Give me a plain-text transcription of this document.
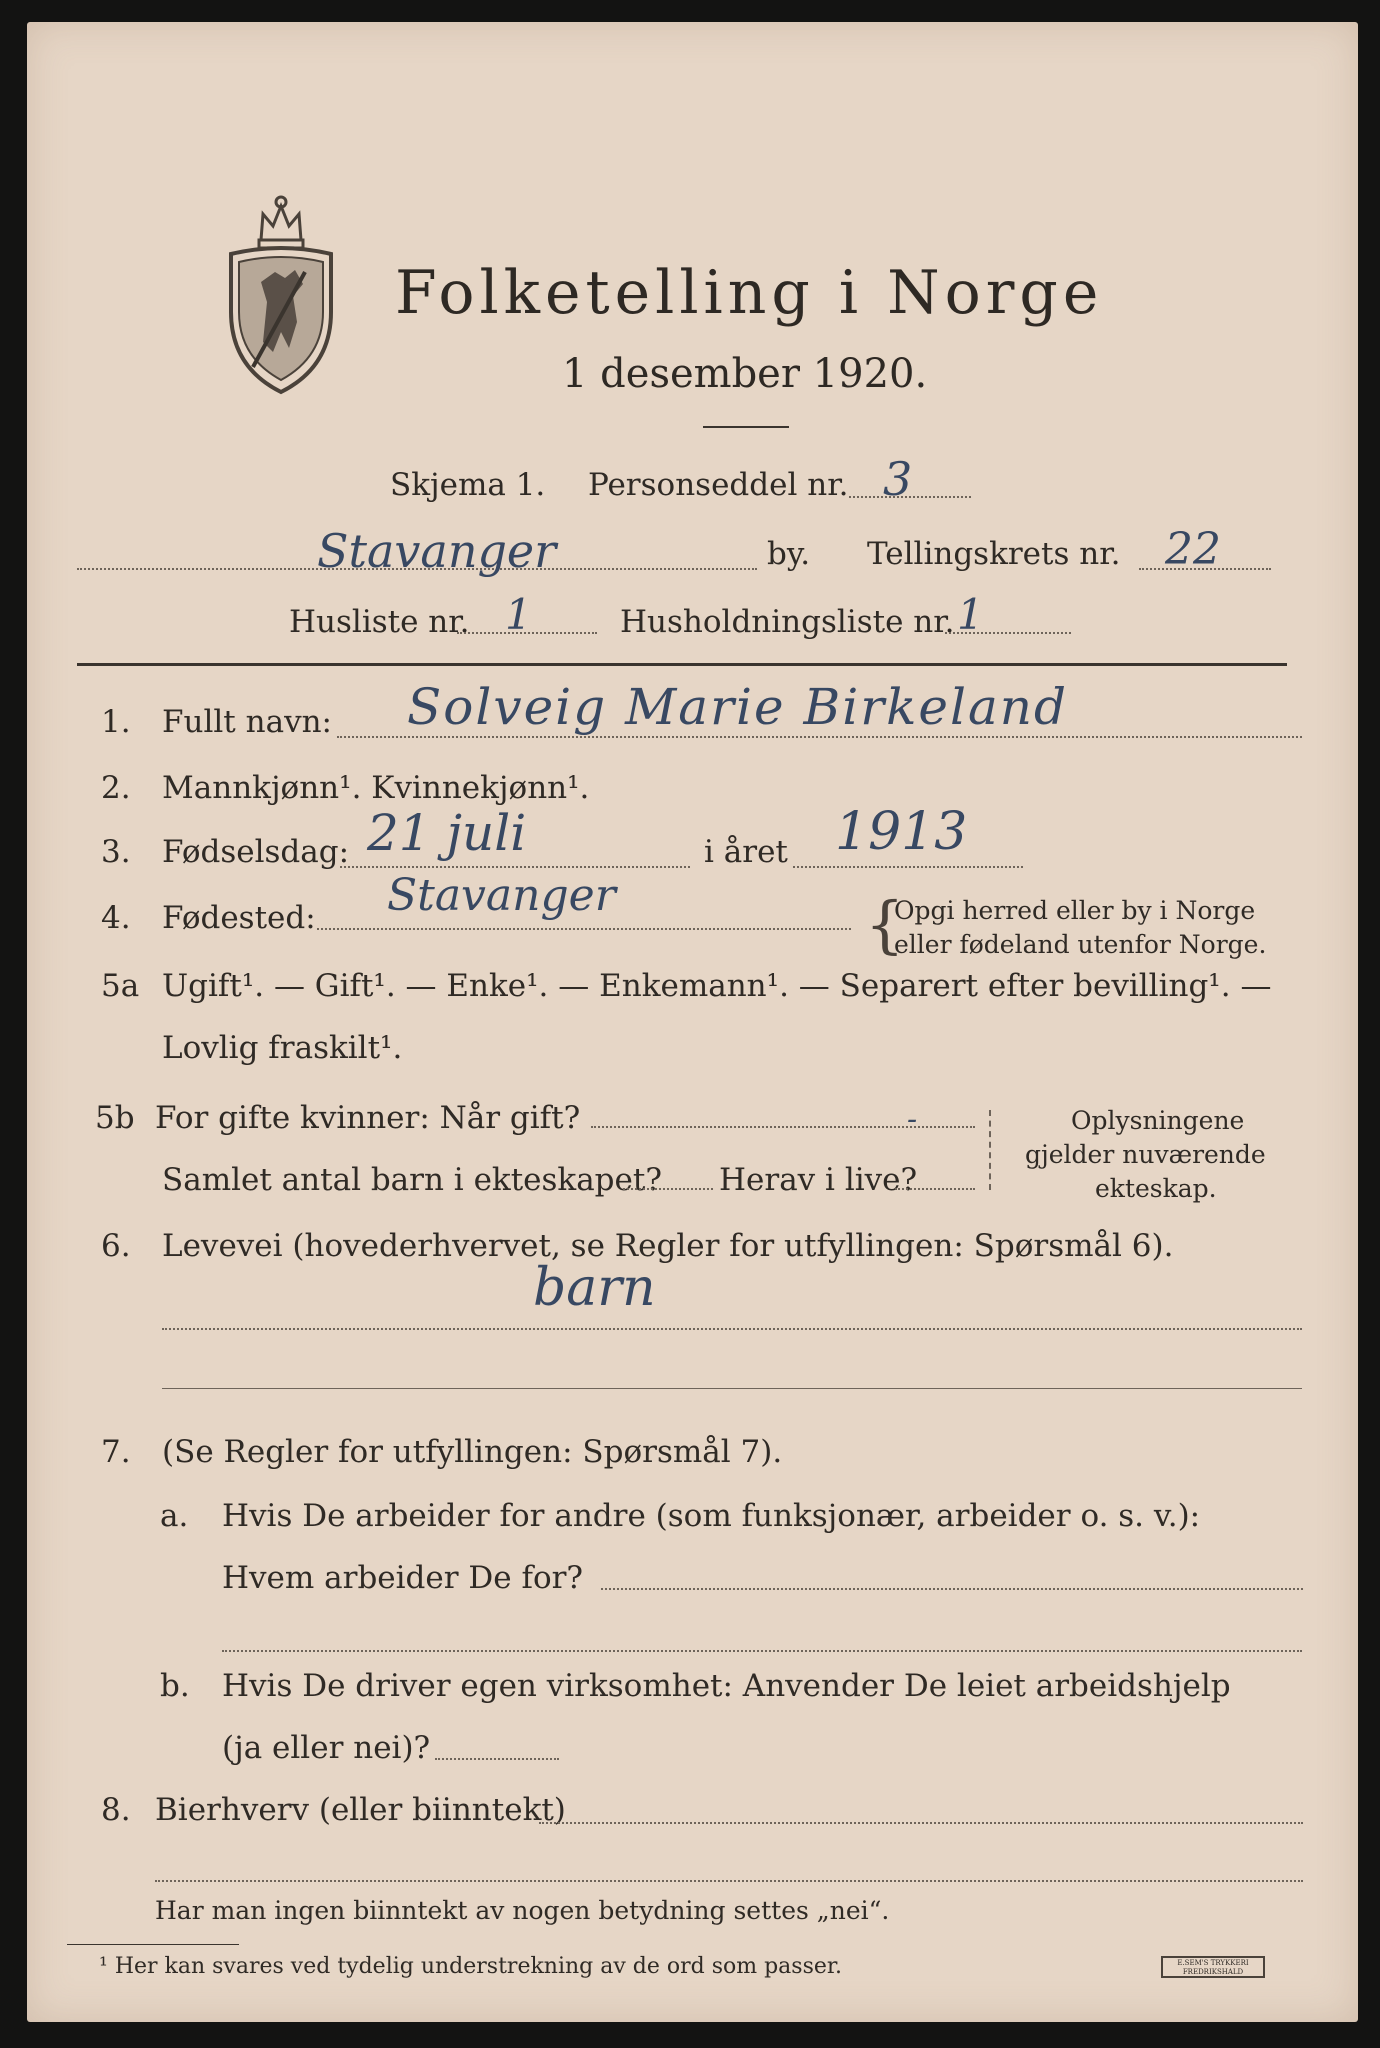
Folketelling i Norge
1 desember 1920.
Skjema 1. Personseddel nr. 3
Stavanger	by. Tellingskrets nr. 22
Husliste nr. 1	Husholdningsliste nr. 1
1. Fullt navn: Solveig Marie Birkeland
2. Mannkjønn¹. Kvinnekjønn¹.
3. Fødselsdag: 21 juli	i året 1913
4. Fødested: Stavanger	{
Opgi herred eller by i Norge
eller fødeland utenfor Norge.
5a Ugift¹. — Gift¹. — Enke¹. — Enkemann¹. — Separert efter bevilling¹. —
Lovlig fraskilt¹.
5b For gifte kvinner: Når gift?	-
Samlet antal barn i ekteskapet? Herav i live?
Oplysningene
gjelder nuværende
ekteskap.
6. Levevei (hovederhvervet, se Regler for utfyllingen: Spørsmål 6).
barn
7. (Se Regler for utfyllingen: Spørsmål 7).
a. Hvis De arbeider for andre (som funksjonær, arbeider o. s. v.):
Hvem arbeider De for?
b. Hvis De driver egen virksomhet: Anvender De leiet arbeidshjelp
(ja eller nei)?
8. Bierhverv (eller biinntekt)
Har man ingen biinntekt av nogen betydning settes „nei“.
¹ Her kan svares ved tydelig understrekning av de ord som passer.	E.SEM'S TRYKKERI FREDRIKSHALD
